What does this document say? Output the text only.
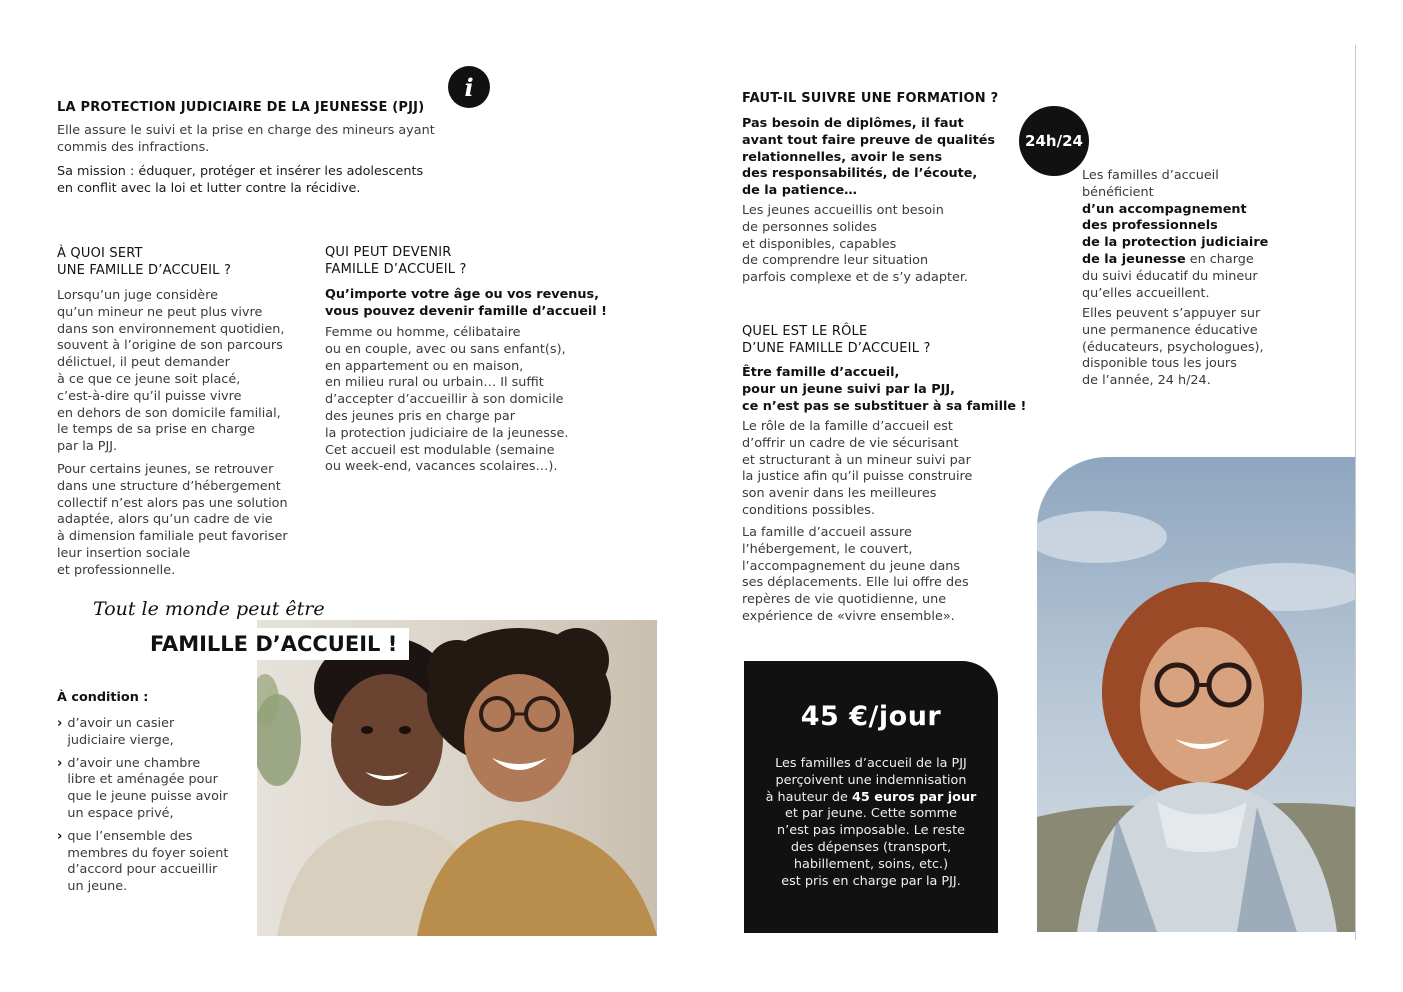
i
LA PROTECTION JUDICIAIRE DE LA JEUNESSE (PJJ)
Elle assure le suivi et la prise en charge des mineurs ayant
commis des infractions.
Sa mission : éduquer, protéger et insérer les adolescents
en conflit avec la loi et lutter contre la récidive.
À QUOI SERT
UNE FAMILLE D’ACCUEIL ?
Lorsqu’un juge considère
qu’un mineur ne peut plus vivre
dans son environnement quotidien,
souvent à l’origine de son parcours
délictuel, il peut demander
à ce que ce jeune soit placé,
c’est-à-dire qu’il puisse vivre
en dehors de son domicile familial,
le temps de sa prise en charge
par la PJJ.
Pour certains jeunes, se retrouver
dans une structure d’hébergement
collectif n’est alors pas une solution
adaptée, alors qu’un cadre de vie
à dimension familiale peut favoriser
leur insertion sociale
et professionnelle.
QUI PEUT DEVENIR
FAMILLE D’ACCUEIL ?
Qu’importe votre âge ou vos revenus,
vous pouvez devenir famille d’accueil !
Femme ou homme, célibataire
ou en couple, avec ou sans enfant(s),
en appartement ou en maison,
en milieu rural ou urbain… Il suffit
d’accepter d’accueillir à son domicile
des jeunes pris en charge par
la protection judiciaire de la jeunesse.
Cet accueil est modulable (semaine
ou week-end, vacances scolaires…).
Tout le monde peut être
FAMILLE D’ACCUEIL !
À condition :
› d’avoir un casier
judiciaire vierge,
› d’avoir une chambre
libre et aménagée pour
que le jeune puisse avoir
un espace privé,
› que l’ensemble des
membres du foyer soient
d’accord pour accueillir
un jeune.
FAUT-IL SUIVRE UNE FORMATION ?
Pas besoin de diplômes, il faut
avant tout faire preuve de qualités
relationnelles, avoir le sens
des responsabilités, de l’écoute,
de la patience…
Les jeunes accueillis ont besoin
de personnes solides
et disponibles, capables
de comprendre leur situation
parfois complexe et de s’y adapter.
24h/24
Les familles d’accueil
bénéficient
d’un accompagnement
des professionnels
de la protection judiciaire
de la jeunesse en charge
du suivi éducatif du mineur
qu’elles accueillent.
Elles peuvent s’appuyer sur
une permanence éducative
(éducateurs, psychologues),
disponible tous les jours
de l’année, 24 h/24.
QUEL EST LE RÔLE
D’UNE FAMILLE D’ACCUEIL ?
Être famille d’accueil,
pour un jeune suivi par la PJJ,
ce n’est pas se substituer à sa famille !
Le rôle de la famille d’accueil est
d’offrir un cadre de vie sécurisant
et structurant à un mineur suivi par
la justice afin qu’il puisse construire
son avenir dans les meilleures
conditions possibles.
La famille d’accueil assure
l’hébergement, le couvert,
l’accompagnement du jeune dans
ses déplacements. Elle lui offre des
repères de vie quotidienne, une
expérience de «vivre ensemble».
45 €/jour
Les familles d’accueil de la PJJ
perçoivent une indemnisation
à hauteur de 45 euros par jour
et par jeune. Cette somme
n’est pas imposable. Le reste
des dépenses (transport,
habillement, soins, etc.)
est pris en charge par la PJJ.
